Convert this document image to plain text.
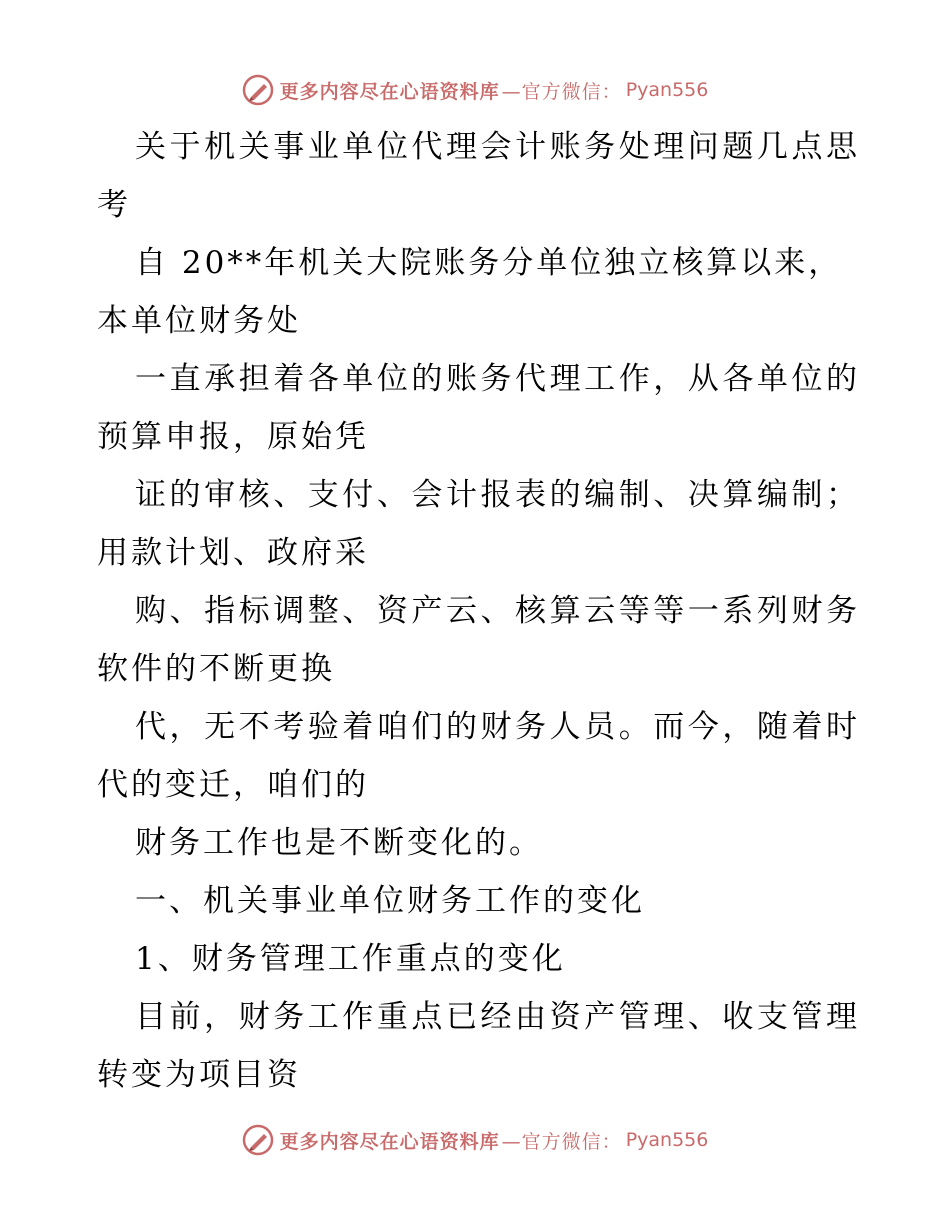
更多内容尽在心语资料库 —官方微信： Pyan556
关于机关事业单位代理会计账务处理问题几点思
考
自 20**年机关大院账务分单位独立核算以来，
本单位财务处
一直承担着各单位的账务代理工作，从各单位的
预算申报，原始凭
证的审核、支付、会计报表的编制、决算编制；
用款计划、政府采
购、指标调整、资产云、核算云等等一系列财务
软件的不断更换
代，无不考验着咱们的财务人员。而今，随着时
代的变迁，咱们的
财务工作也是不断变化的。
一、机关事业单位财务工作的变化
1、财务管理工作重点的变化
目前，财务工作重点已经由资产管理、收支管理
转变为项目资
更多内容尽在心语资料库 —官方微信： Pyan556
